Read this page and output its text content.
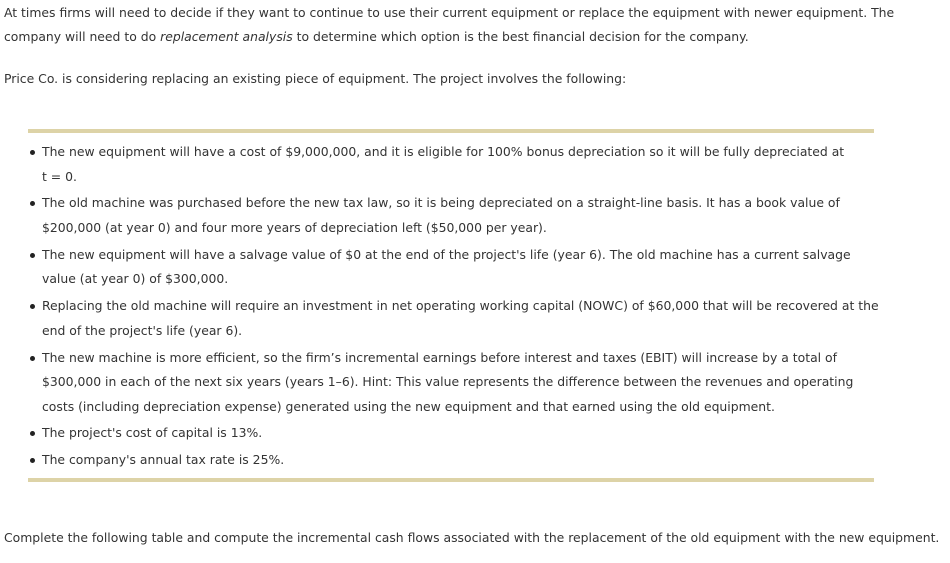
At times firms will need to decide if they want to continue to use their current equipment or replace the equipment with newer equipment. The

company will need to do replacement analysis to determine which option is the best financial decision for the company.

Price Co. is considering replacing an existing piece of equipment. The project involves the following:

The new equipment will have a cost of $9,000,000, and it is eligible for 100% bonus depreciation so it will be fully depreciated at
t = 0.
The old machine was purchased before the new tax law, so it is being depreciated on a straight-line basis. It has a book value of
$200,000 (at year 0) and four more years of depreciation left ($50,000 per year).
The new equipment will have a salvage value of $0 at the end of the project's life (year 6). The old machine has a current salvage
value (at year 0) of $300,000.
Replacing the old machine will require an investment in net operating working capital (NOWC) of $60,000 that will be recovered at the
end of the project's life (year 6).
The new machine is more efficient, so the firm’s incremental earnings before interest and taxes (EBIT) will increase by a total of
$300,000 in each of the next six years (years 1–6). Hint: This value represents the difference between the revenues and operating
costs (including depreciation expense) generated using the new equipment and that earned using the old equipment.
The project's cost of capital is 13%.
The company's annual tax rate is 25%.

Complete the following table and compute the incremental cash flows associated with the replacement of the old equipment with the new equipment.
